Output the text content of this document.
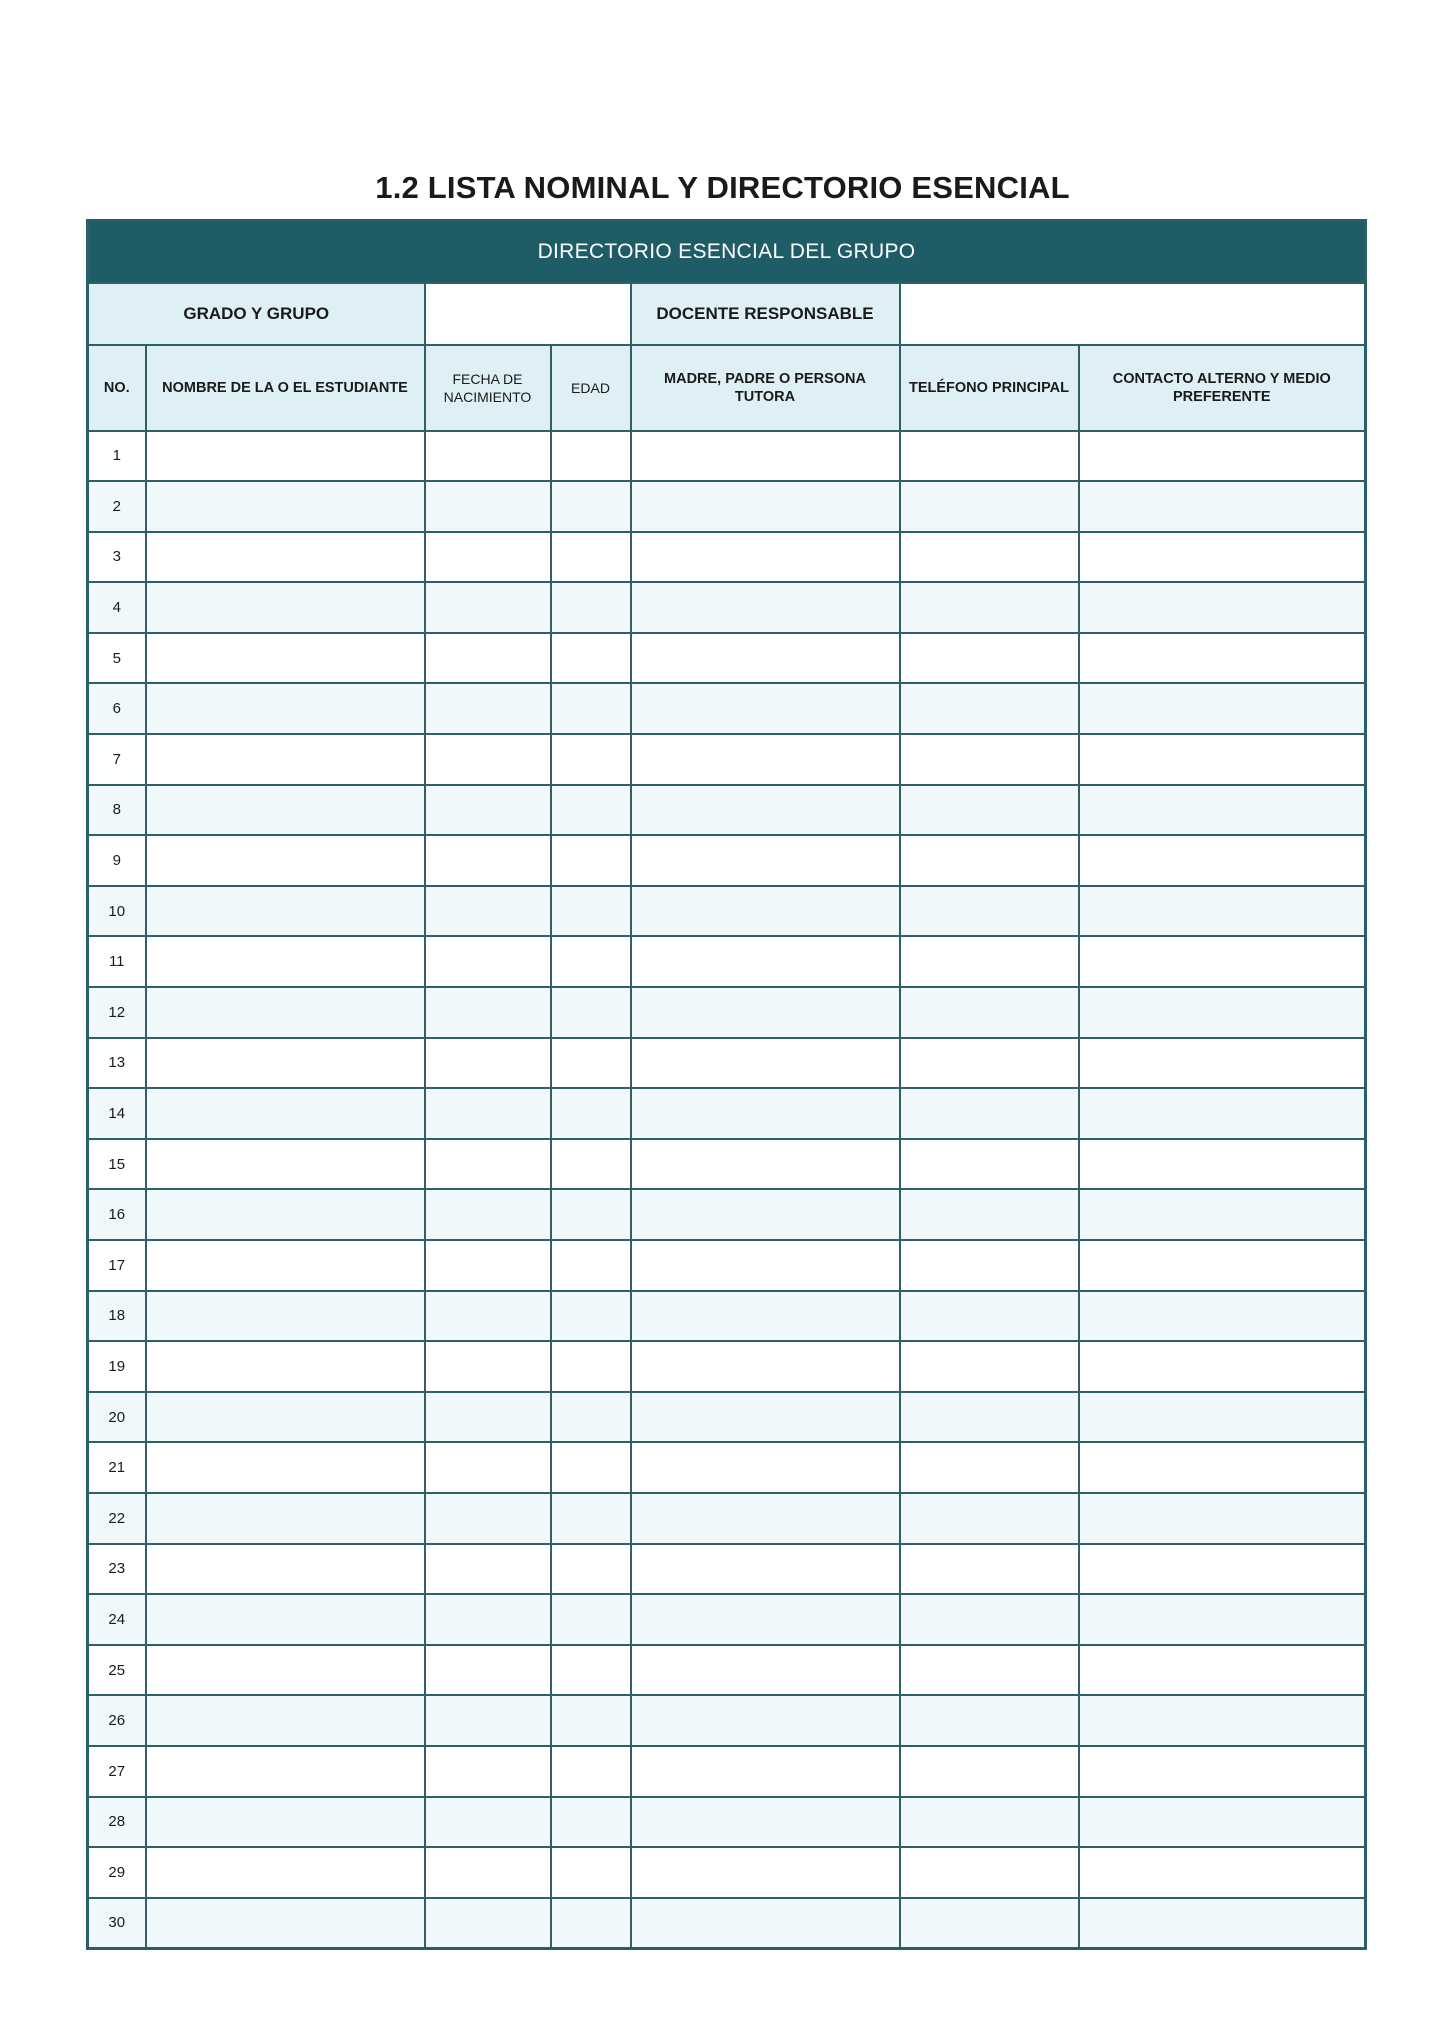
1.2 LISTA NOMINAL Y DIRECTORIO ESENCIAL
DIRECTORIO ESENCIAL DEL GRUPO						
GRADO Y GRUPO				DOCENTE RESPONSABLE		
NO.	NOMBRE DE LA O EL ESTUDIANTE	FECHA DE NACIMIENTO	EDAD	MADRE, PADRE O PERSONA TUTORA	TELÉFONO PRINCIPAL	CONTACTO ALTERNO Y MEDIO PREFERENTE
1						
2						
3						
4						
5						
6						
7						
8						
9						
10						
11						
12						
13						
14						
15						
16						
17						
18						
19						
20						
21						
22						
23						
24						
25						
26						
27						
28						
29						
30						
